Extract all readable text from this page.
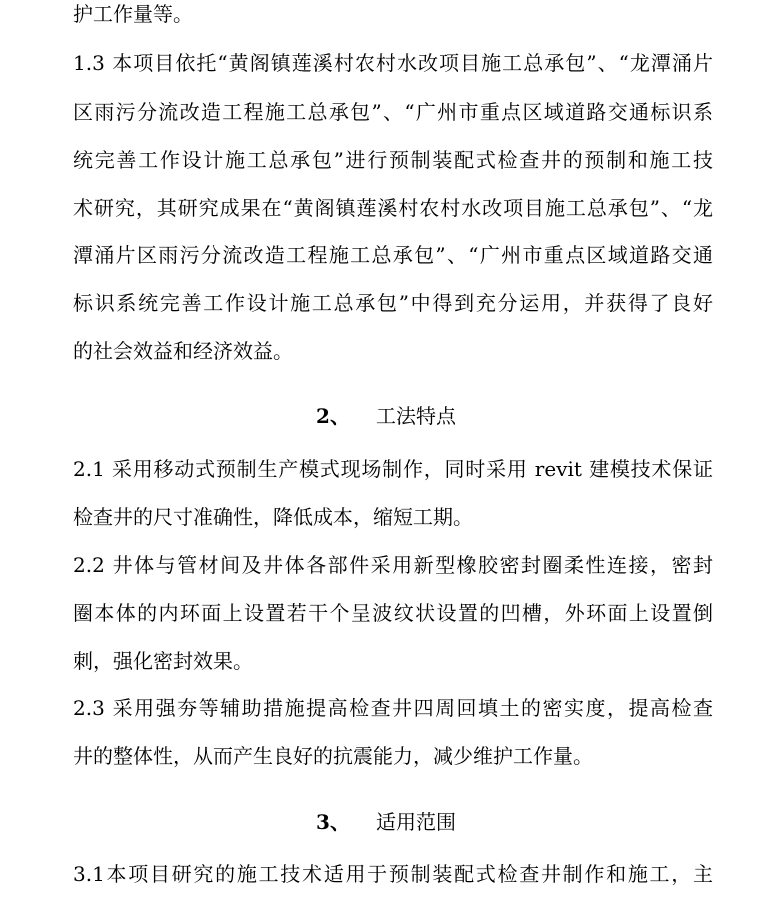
护工作量等。
1.3 本项目依托“黄阁镇莲溪村农村水改项目施工总承包”、“龙潭涌片
区雨污分流改造工程施工总承包”、“广州市重点区域道路交通标识系
统完善工作设计施工总承包”进行预制装配式检查井的预制和施工技
术研究，其研究成果在“黄阁镇莲溪村农村水改项目施工总承包”、“龙
潭涌片区雨污分流改造工程施工总承包”、“广州市重点区域道路交通
标识系统完善工作设计施工总承包”中得到充分运用，并获得了良好
的社会效益和经济效益。
2、 工法特点
2.1 采用移动式预制生产模式现场制作，同时采用 revit 建模技术保证
检查井的尺寸准确性，降低成本，缩短工期。
2.2 井体与管材间及井体各部件采用新型橡胶密封圈柔性连接，密封
圈本体的内环面上设置若干个呈波纹状设置的凹槽，外环面上设置倒
刺，强化密封效果。
2.3 采用强夯等辅助措施提高检查井四周回填土的密实度，提高检查
井的整体性，从而产生良好的抗震能力，减少维护工作量。
3、 适用范围
3.1本项目研究的施工技术适用于预制装配式检查井制作和施工，主
